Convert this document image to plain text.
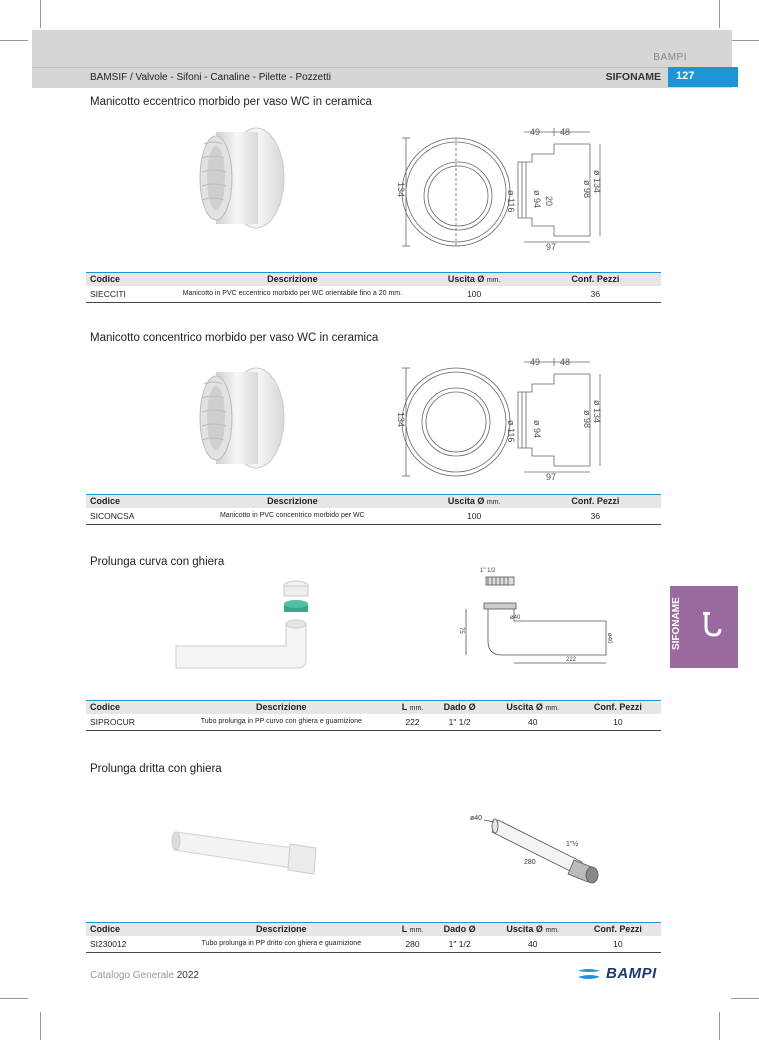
BAMPI
BAMSIF / Valvole - Sifoni - Canaline - Pilette - Pozzetti	SIFONAME	127
Manicotto eccentrico morbido per vaso WC in ceramica
134
49 48
97
ø 134
ø 98
ø 116 ø 94 20
Codice	Descrizione	Uscita Ø mm.	Conf. Pezzi
SIECCITI	Manicotto in PVC eccentrico morbido per WC orientabile fino a 20 mm.	100	36
Manicotto concentrico morbido per vaso WC in ceramica
134
49 48
97
ø 134
ø 98
ø 116 ø 94
Codice	Descrizione	Uscita Ø mm.	Conf. Pezzi
SICONCSA	Manicotto in PVC concentrico morbido per WC	100	36
Prolunga curva con ghiera
1" 1/2
ø40
222
ø40
75
Codice	Descrizione	L mm.	Dado Ø	Uscita Ø mm.	Conf. Pezzi
SIPROCUR	Tubo prolunga in PP curvo con ghiera e guarnizione	222	1" 1/2	40	10
Prolunga dritta con ghiera
ø40
1"½
280
Codice	Descrizione	L mm.	Dado Ø	Uscita Ø mm.	Conf. Pezzi
SI230012	Tubo prolunga in PP dritto con ghiera e guarnizione	280	1" 1/2	40	10
SIFONAME
Catalogo Generale 2022	BAMPI
